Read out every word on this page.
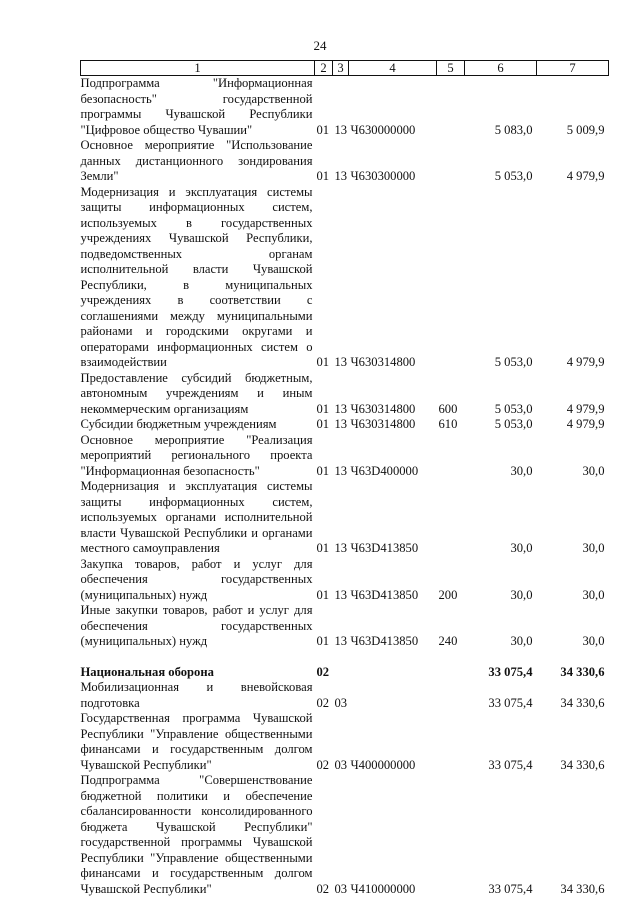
24
1	2	3	4	5	6	7
Подпрограмма "Информационная безопасность" государственной программы Чувашской Республики "Цифровое общество Чувашии"	01	13	Ч630000000		5 083,0	5 009,9
Основное мероприятие "Использование данных дистанционного зондирования Земли"	01	13	Ч630300000		5 053,0	4 979,9
Модернизация и эксплуатация системы защиты информационных систем, используемых в государственных учреждениях Чувашской Республики, подведомственных органам исполнительной власти Чувашской Республики, в муниципальных учреждениях в соответствии с соглашениями между муниципальными районами и городскими округами и операторами информационных систем о взаимодействии	01	13	Ч630314800		5 053,0	4 979,9
Предоставление субсидий бюджетным, автономным учреждениям и иным некоммерческим организациям	01	13	Ч630314800	600	5 053,0	4 979,9
Субсидии бюджетным учреждениям	01	13	Ч630314800	610	5 053,0	4 979,9
Основное мероприятие "Реализация мероприятий регионального проекта "Информационная безопасность"	01	13	Ч63D400000		30,0	30,0
Модернизация и эксплуатация системы защиты информационных систем, используемых органами исполнительной власти Чувашской Республики и органами местного самоуправления	01	13	Ч63D413850		30,0	30,0
Закупка товаров, работ и услуг для обеспечения государственных (муниципальных) нужд	01	13	Ч63D413850	200	30,0	30,0
Иные закупки товаров, работ и услуг для обеспечения государственных (муниципальных) нужд	01	13	Ч63D413850	240	30,0	30,0

Национальная оборона	02				33 075,4	34 330,6
Мобилизационная и вневойсковая подготовка	02	03			33 075,4	34 330,6
Государственная программа Чувашской Республики "Управление общественными финансами и государственным долгом Чувашской Республики"	02	03	Ч400000000		33 075,4	34 330,6
Подпрограмма "Совершенствование бюджетной политики и обеспечение сбалансированности консолидированного бюджета Чувашской Республики" государственной программы Чувашской Республики "Управление общественными финансами и государственным долгом Чувашской Республики"	02	03	Ч410000000		33 075,4	34 330,6
